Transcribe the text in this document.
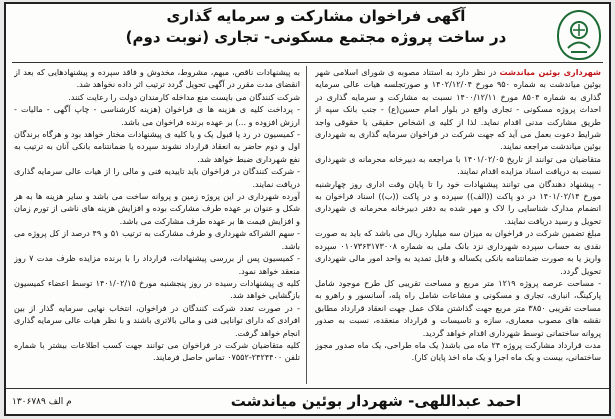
آگهی فراخوان مشارکت و سرمایه گذاری
در ساخت پروژه مجتمع مسکونی- تجاری (نوبت دوم)
شهرداری بوئین میاندشت در نظر دارد به استناد مصوبه ی شورای اسلامی شهر بوئین میاندشت به شماره ۹۵۰ مورخ ۱۴۰۲/۱۲/۰۴ و صورتجلسه هیات عالی سرمایه گذاری به شماره ۸۵۰۴ مورخ ۱۴۰۰/۱۲/۱۱ نسبت به مشارکت و سرمایه گذاری در احداث پروژه مسکونی - تجاری واقع در بلوار امام حسین(ع) - جنب بانک سپه از طریق مشارکت مدنی اقدام نماید. لذا از کلیه ی اشخاص حقیقی یا حقوقی واجد شرایط دعوت بعمل می آید که جهت شرکت در فراخوان سرمایه گذاری به شهرداری بوئین میاندشت مراجعه نمایند.
متقاضیان می توانند از تاریخ ۱۴۰۱/۰۲/۰۵ با مراجعه به دبیرخانه محرمانه ی شهرداری نسبت به دریافت اسناد مزایده اقدام نمایند.
- پیشنهاد دهندگان می توانند پیشنهادات خود را تا پایان وقت اداری روز چهارشنبه مورخ ۱۴۰۱/۰۲/۱۴ در دو پاکت ((الف)) سپرده و در پاکت ((ب)) اسناد فراخوان به انضمام مدارک شناسایی را لاک و مهر شده به دفتر دبیرخانه محرمانه ی شهرداری تحویل و رسید دریافت نمایند.
مبلغ تضمین شرکت در فراخوان به میزان سه میلیارد ریال می باشد که باید به صورت نقدی به حساب سپرده شهرداری نزد بانک ملی به شماره ۰۱۰۷۳۶۳۱۷۳۰۰۸ سپرده واریز یا به صورت ضمانتنامه بانکی یکساله و قابل تمدید به واحد امور مالی شهرداری تحویل گردد.
- مساحت عرصه پروژه ۱۲۱۹ متر مربع و مساحت تقریبی کل طرح موجود شامل پارکینگ، انباری، تجاری و مسکونی و مشاعات شامل راه پله، آسانسور و راهرو به مساحت تقریبی ۳۸۵۰ متر مربع جهت گذاشتن ملاک عمل جهت انعقاد قرارداد مطابق نقشه های مصوب معماری، سازه و تاسیسات و قرارداد منعقده، نسبت به صدور پروانه ساختمانی توسط شهرداری اقدام خواهد گردید.
مدت قرارداد مشارکت پروژه ۲۴ ماه می باشد( یک ماه طراحی، یک ماه صدور مجوز ساختمانی، بیست و یک ماه اجرا و یک ماه اخذ پایان کار).
به پیشنهادات ناقص، مبهم، مشروط، مخدوش و فاقد سپرده و پیشنهادهایی که بعد از انقضای مدت مقرر در آگهی تحویل گردد ترتیب اثر داده نخواهد شد.
شرکت کنندگان می بایست منع مداخله کارمندان دولت را رعایت کنند.
- پرداخت کلیه ی هزینه ها ی فراخوان (هزینه کارشناسی - چاپ آگهی - مالیات - ارزش افزوده و ...) بر عهده برنده فراخوان می باشد.
- کمیسیون در رد یا قبول یک و یا کلیه ی پیشنهادات مختار خواهد بود و هرگاه برندگان اول و دوم حاضر به انعقاد قرارداد نشوند سپرده یا ضمانتنامه بانکی آنان به ترتیب به نفع شهرداری ضبط خواهد شد.
- شرکت کنندگان در فراخوان باید تاییدیه فنی و مالی را از هیات عالی سرمایه گذاری دریافت نمایند.
آورده شهرداری در این پروژه زمین و پروانه ساخت می باشد و سایر هزینه ها به هر شکل و عنوان بر عهده طرف مشارکت بوده و افزایش هزینه های ناشی از تورم زمان و افزایش قیمت ها بر عهده طرف مشارکت می باشد.
- سهم الشراکه شهرداری و طرف مشارکت به ترتیب ۵۱ و ۴۹ درصد از کل پروژه می باشد.
- کمیسیون پس از بررسی پیشنهادات، قرارداد را با برنده مزایده ظرف مدت ۷ روز منعقد خواهد نمود.
کلیه ی پیشنهادات رسیده در روز پنجشنبه مورخ ۱۴۰۱/۰۲/۱۵ توسط اعضاء کمیسیون بازگشایی خواهد شد.
- در صورت تعدد شرکت کنندگان در فراخوان، انتخاب نهایی سرمایه گذار از بین افرادی که دارای توانایی فنی و مالی بالاتری باشند و با نظر هیات عالی سرمایه گذاری انجام خواهد گرفت.
کلیه متقاضیان شرکت در فراخوان می توانند جهت کسب اطلاعات بیشتر با شماره تلفن ۲۴۲۴۴۰۰-۰۷۵۵۲ تماس حاصل فرمایند.
احمد عبداللهی- شهردار بوئین میاندشت
م الف ۱۳۰۶۷۸۹
